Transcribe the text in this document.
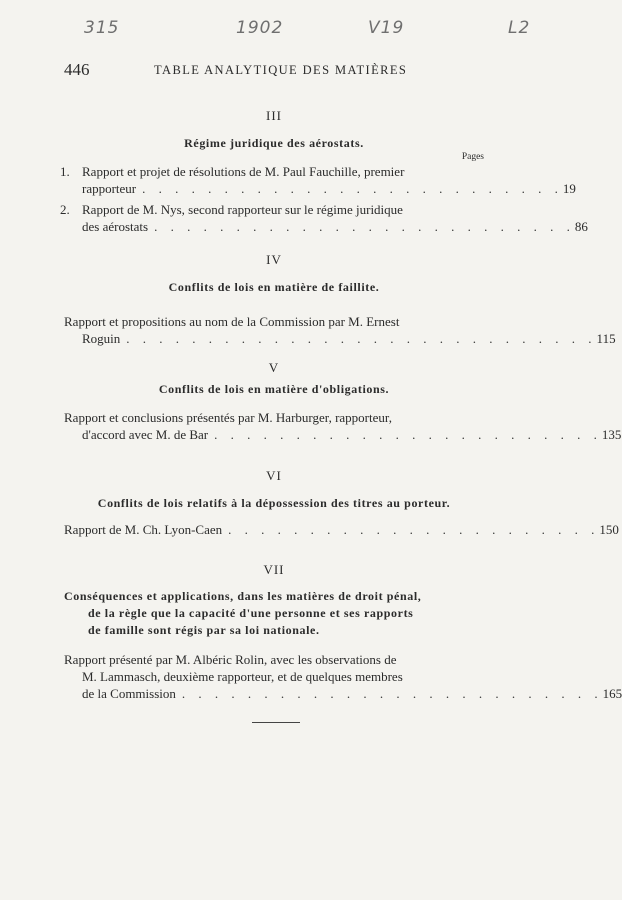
315	1902	V19	L2
446	TABLE ANALYTIQUE DES MATIÈRES

III

Régime juridique des aérostats.

Pages
1. Rapport et projet de résolutions de M. Paul Fauchille, premier
rapporteur . . . . . . . . . . . . . . . . . . . . . . . . . . 19
2. Rapport de M. Nys, second rapporteur sur le régime juridique
des aérostats . . . . . . . . . . . . . . . . . . . . . . . . . . 86

IV

Conflits de lois en matière de faillite.

Rapport et propositions au nom de la Commission par M. Ernest
Roguin . . . . . . . . . . . . . . . . . . . . . . . . . . . . . 115

V

Conflits de lois en matière d'obligations.

Rapport et conclusions présentés par M. Harburger, rapporteur,
d'accord avec M. de Bar . . . . . . . . . . . . . . . . . . . . . . . . 135

VI

Conflits de lois relatifs à la dépossession des titres au porteur.

Rapport de M. Ch. Lyon-Caen . . . . . . . . . . . . . . . . . . . . . . . 150

VII

Conséquences et applications, dans les matières de droit pénal,
de la règle que la capacité d'une personne et ses rapports
de famille sont régis par sa loi nationale.

Rapport présenté par M. Albéric Rolin, avec les observations de
M. Lammasch, deuxième rapporteur, et de quelques membres
de la Commission . . . . . . . . . . . . . . . . . . . . . . . . . . 165
